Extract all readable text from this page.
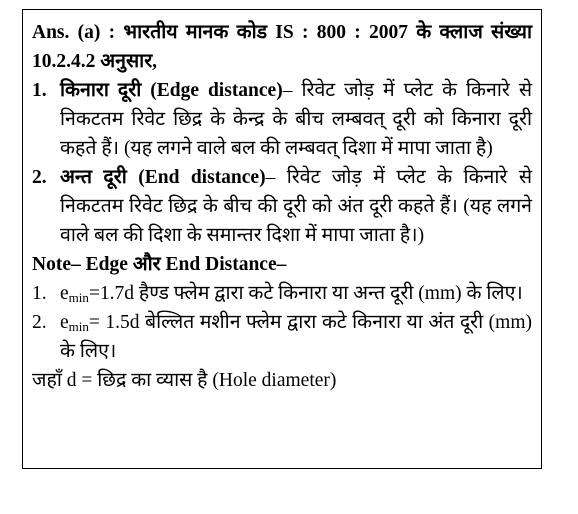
Ans. (a) : भारतीय मानक कोड IS : 800 : 2007 के क्लाज संख्या 10.2.4.2 अनुसार,

1. किनारा दूरी (Edge distance)– रिवेट जोड़ में प्लेट के किनारे से निकटतम रिवेट छिद्र के केन्द्र के बीच लम्बवत् दूरी को किनारा दूरी कहते हैं। (यह लगने वाले बल की लम्बवत् दिशा में मापा जाता है)
2. अन्त दूरी (End distance)– रिवेट जोड़ में प्लेट के किनारे से निकटतम रिवेट छिद्र के बीच की दूरी को अंत दूरी कहते हैं। (यह लगने वाले बल की दिशा के समान्तर दिशा में मापा जाता है।)

Note– Edge और End Distance–

1. $e_{min}=1.7d$ हैण्ड फ्लेम द्वारा कटे किनारा या अन्त दूरी (mm) के लिए।
2. $e_{min}= 1.5d$ बेल्लित मशीन फ्लेम द्वारा कटे किनारा या अंत दूरी (mm) के लिए।

जहाँ d = छिद्र का व्यास है (Hole diameter)
